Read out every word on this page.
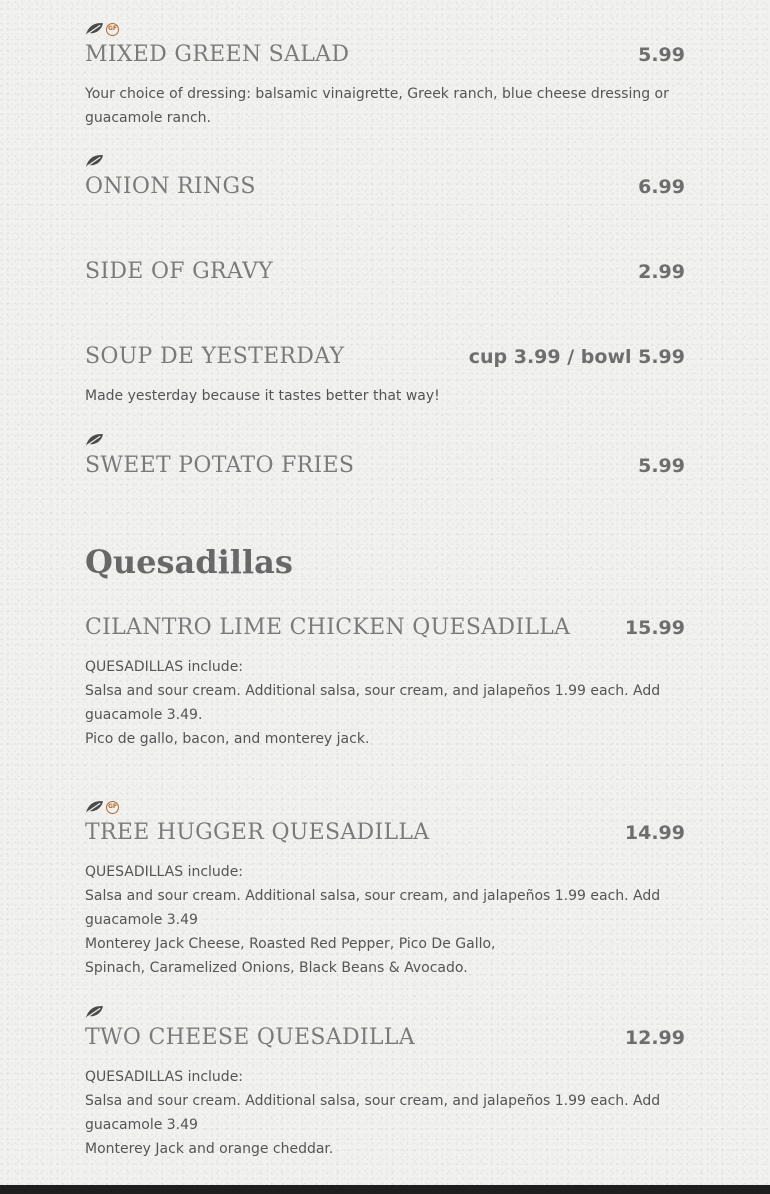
GF
MIXED GREEN SALAD	5.99

Your choice of dressing: balsamic vinaigrette, Greek ranch, blue cheese dressing or guacamole ranch.

ONION RINGS	6.99
SIDE OF GRAVY	2.99
SOUP DE YESTERDAY	cup 3.99 / bowl 5.99

Made yesterday because it tastes better that way!

SWEET POTATO FRIES	5.99
Quesadillas
CILANTRO LIME CHICKEN QUESADILLA	15.99

QUESADILLAS include:

Salsa and sour cream. Additional salsa, sour cream, and jalapeños 1.99 each. Add guacamole 3.49.

Pico de gallo, bacon, and monterey jack.

GF
TREE HUGGER QUESADILLA	14.99

QUESADILLAS include:

Salsa and sour cream. Additional salsa, sour cream, and jalapeños 1.99 each. Add guacamole 3.49

Monterey Jack Cheese, Roasted Red Pepper, Pico De Gallo, Spinach, Caramelized Onions, Black Beans & Avocado.

TWO CHEESE QUESADILLA	12.99

QUESADILLAS include:

Salsa and sour cream. Additional salsa, sour cream, and jalapeños 1.99 each. Add guacamole 3.49

Monterey Jack and orange cheddar.
